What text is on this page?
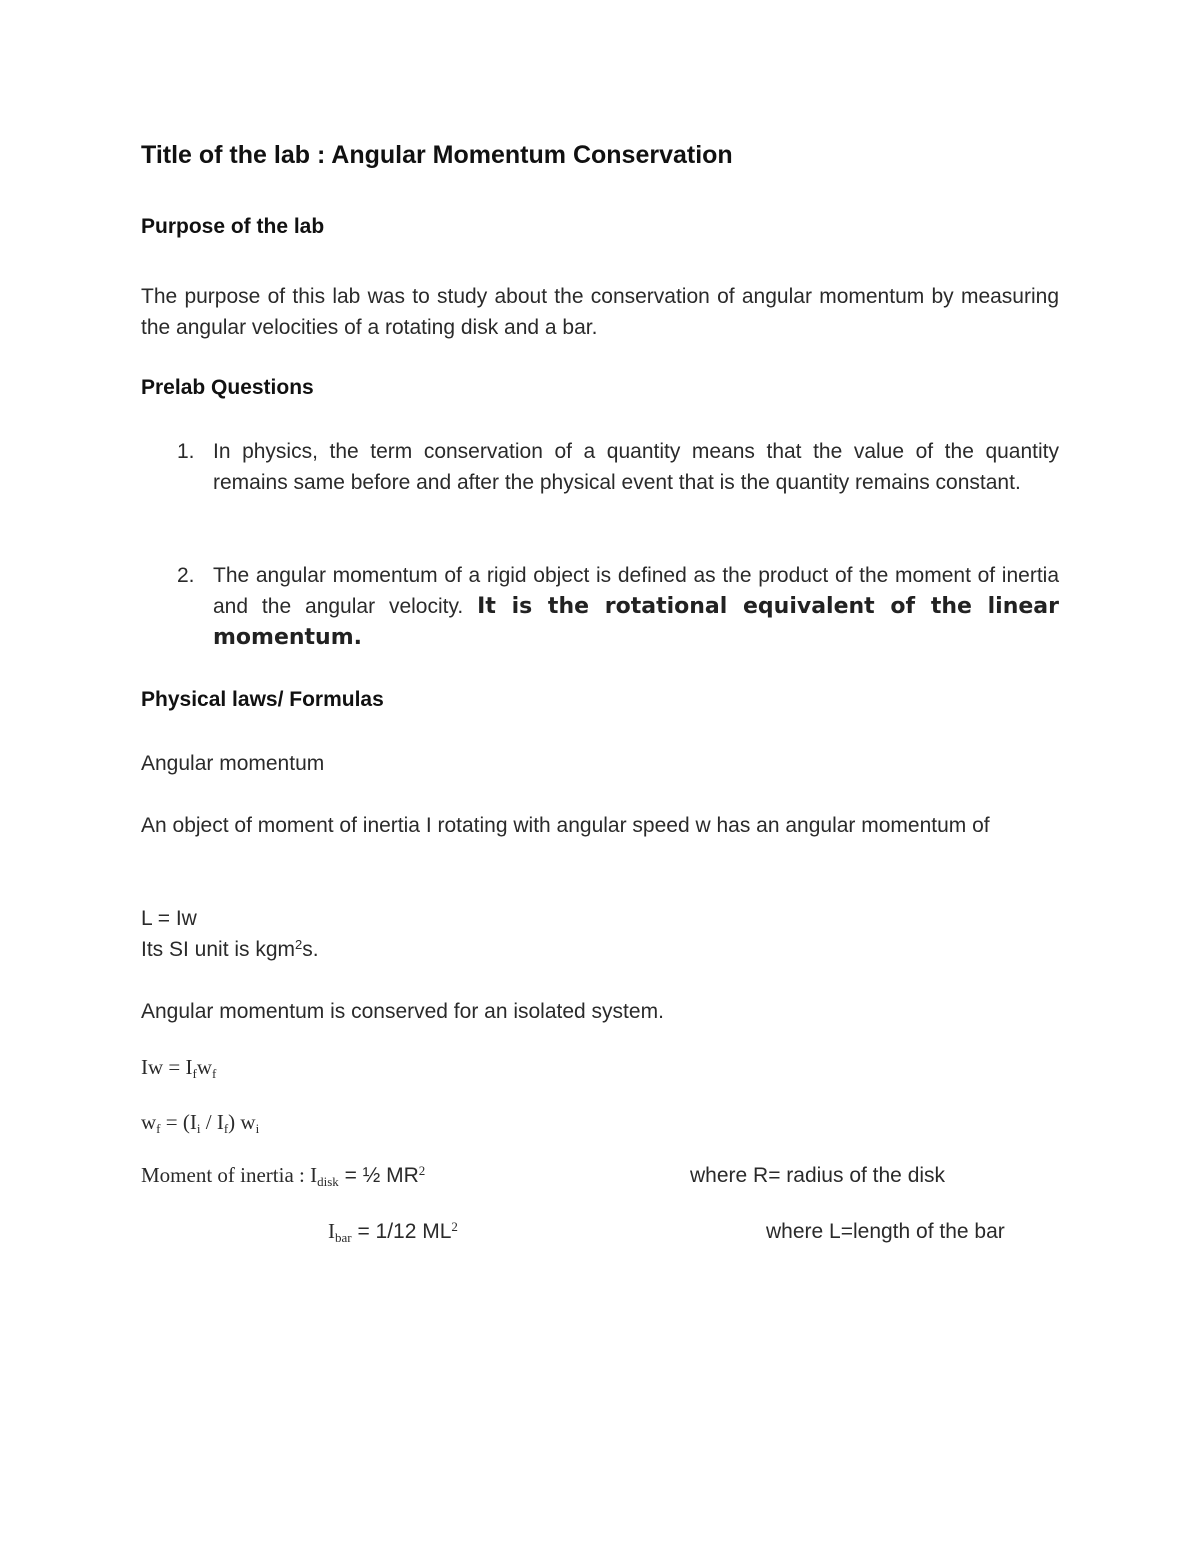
Title of the lab : Angular Momentum Conservation
Purpose of the lab
The purpose of this lab was to study about the conservation of angular momentum by measuring the angular velocities of a rotating disk and a bar.
Prelab Questions
1. In physics, the term conservation of a quantity means that the value of the quantity remains same before and after the physical event that is the quantity remains constant.
2. The angular momentum of a rigid object is defined as the product of the moment of inertia and the angular velocity. It is the rotational equivalent of the linear momentum.
Physical laws/ Formulas
Angular momentum
An object of moment of inertia I rotating with angular speed w has an angular momentum of
L = Iw
Its SI unit is kgm$^2$s.
Angular momentum is conserved for an isolated system.
$Iw = I_fw_f$
$w_f = (I_i / I_f)$ $w_i$
Moment of inertia : $I_{disk}$ = ½ $MR^2$	where R= radius of the disk
$I_{bar} = 1/12$ $ML^2$	where L=length of the bar
